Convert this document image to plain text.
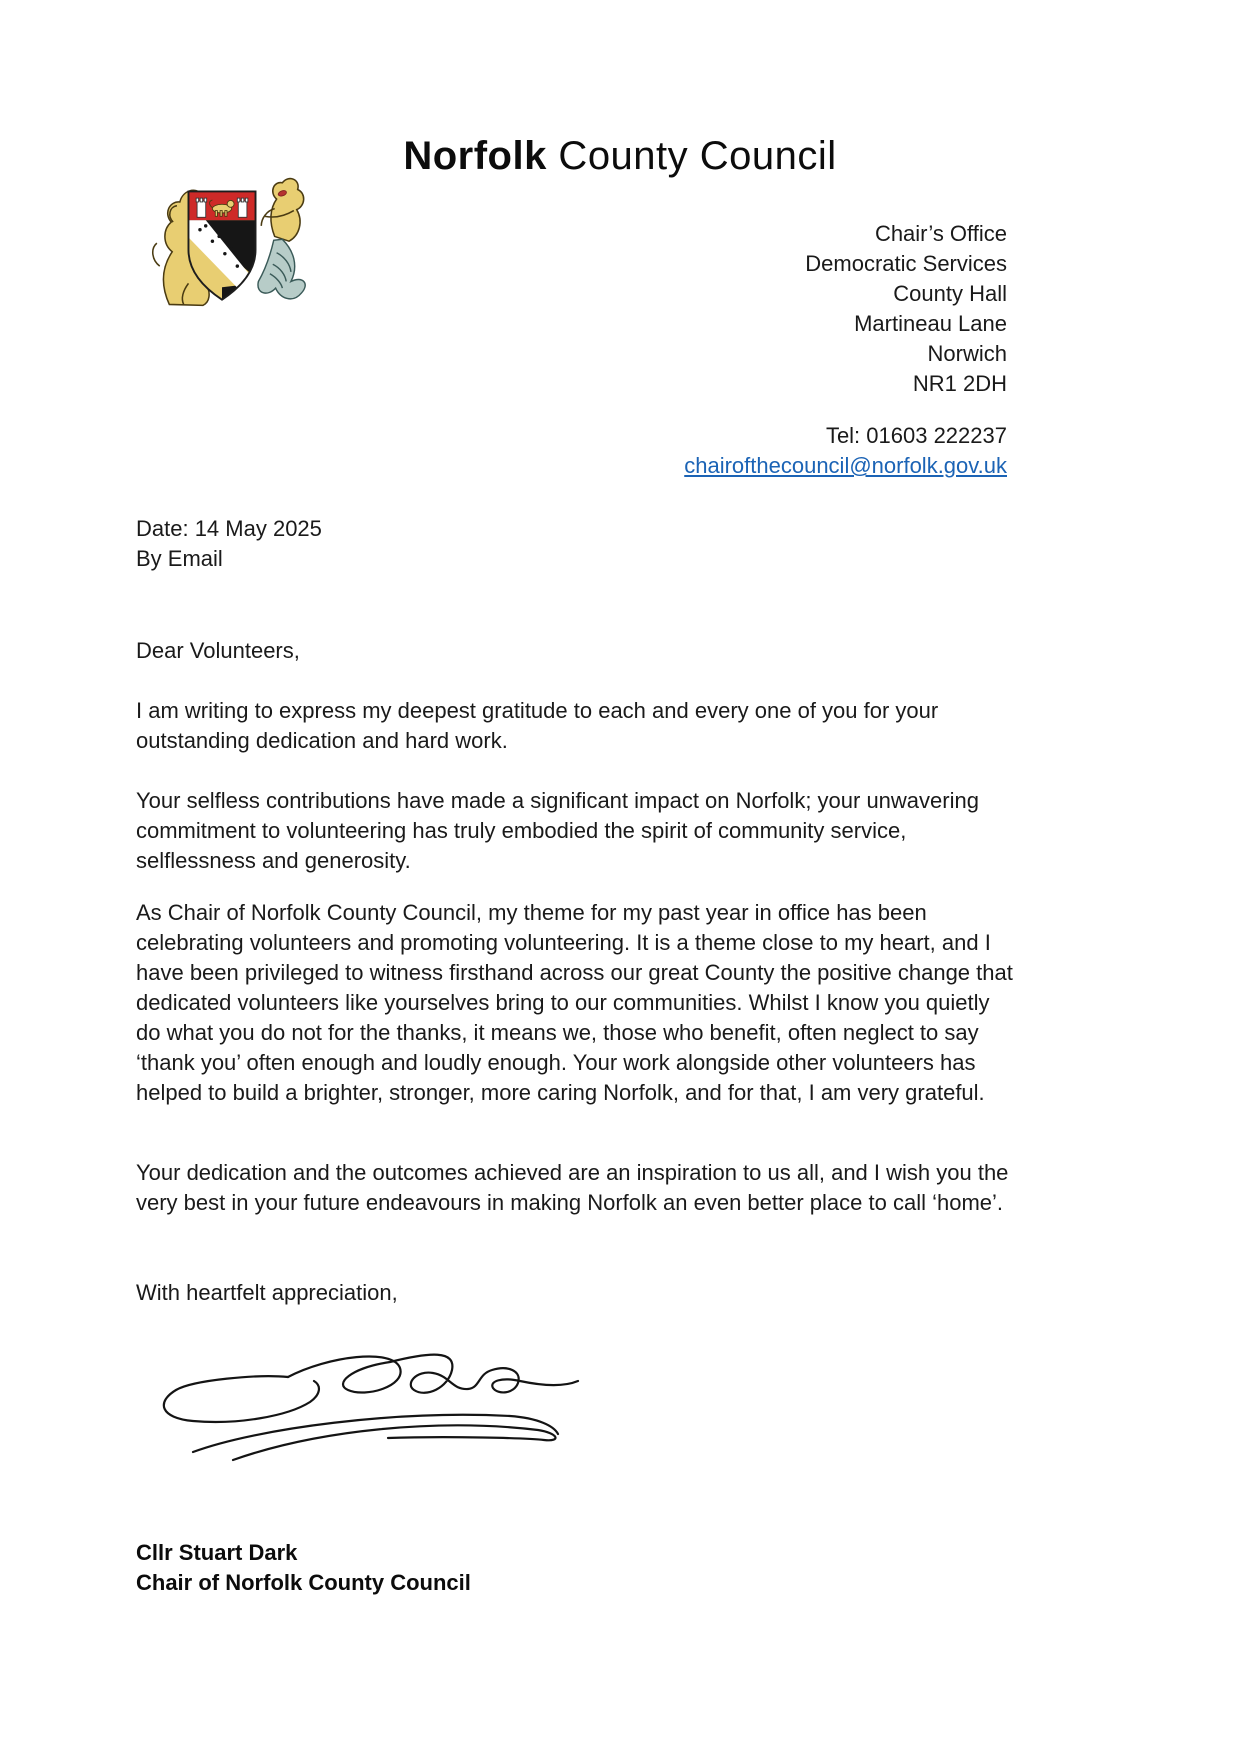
Norfolk County Council
Chair’s Office
Democratic Services
County Hall
Martineau Lane
Norwich
NR1 2DH
Tel: 01603 222237
chairofthecouncil@norfolk.gov.uk
Date: 14 May 2025
By Email
Dear Volunteers,
I am writing to express my deepest gratitude to each and every one of you for your outstanding dedication and hard work.
Your selfless contributions have made a significant impact on Norfolk; your unwavering commitment to volunteering has truly embodied the spirit of community service, selflessness and generosity.
As Chair of Norfolk County Council, my theme for my past year in office has been celebrating volunteers and promoting volunteering. It is a theme close to my heart, and I have been privileged to witness firsthand across our great County the positive change that dedicated volunteers like yourselves bring to our communities. Whilst I know you quietly do what you do not for the thanks, it means we, those who benefit, often neglect to say ‘thank you’ often enough and loudly enough. Your work alongside other volunteers has helped to build a brighter, stronger, more caring Norfolk, and for that, I am very grateful.
Your dedication and the outcomes achieved are an inspiration to us all, and I wish you the very best in your future endeavours in making Norfolk an even better place to call ‘home’.
With heartfelt appreciation,
Cllr Stuart Dark
Chair of Norfolk County Council
